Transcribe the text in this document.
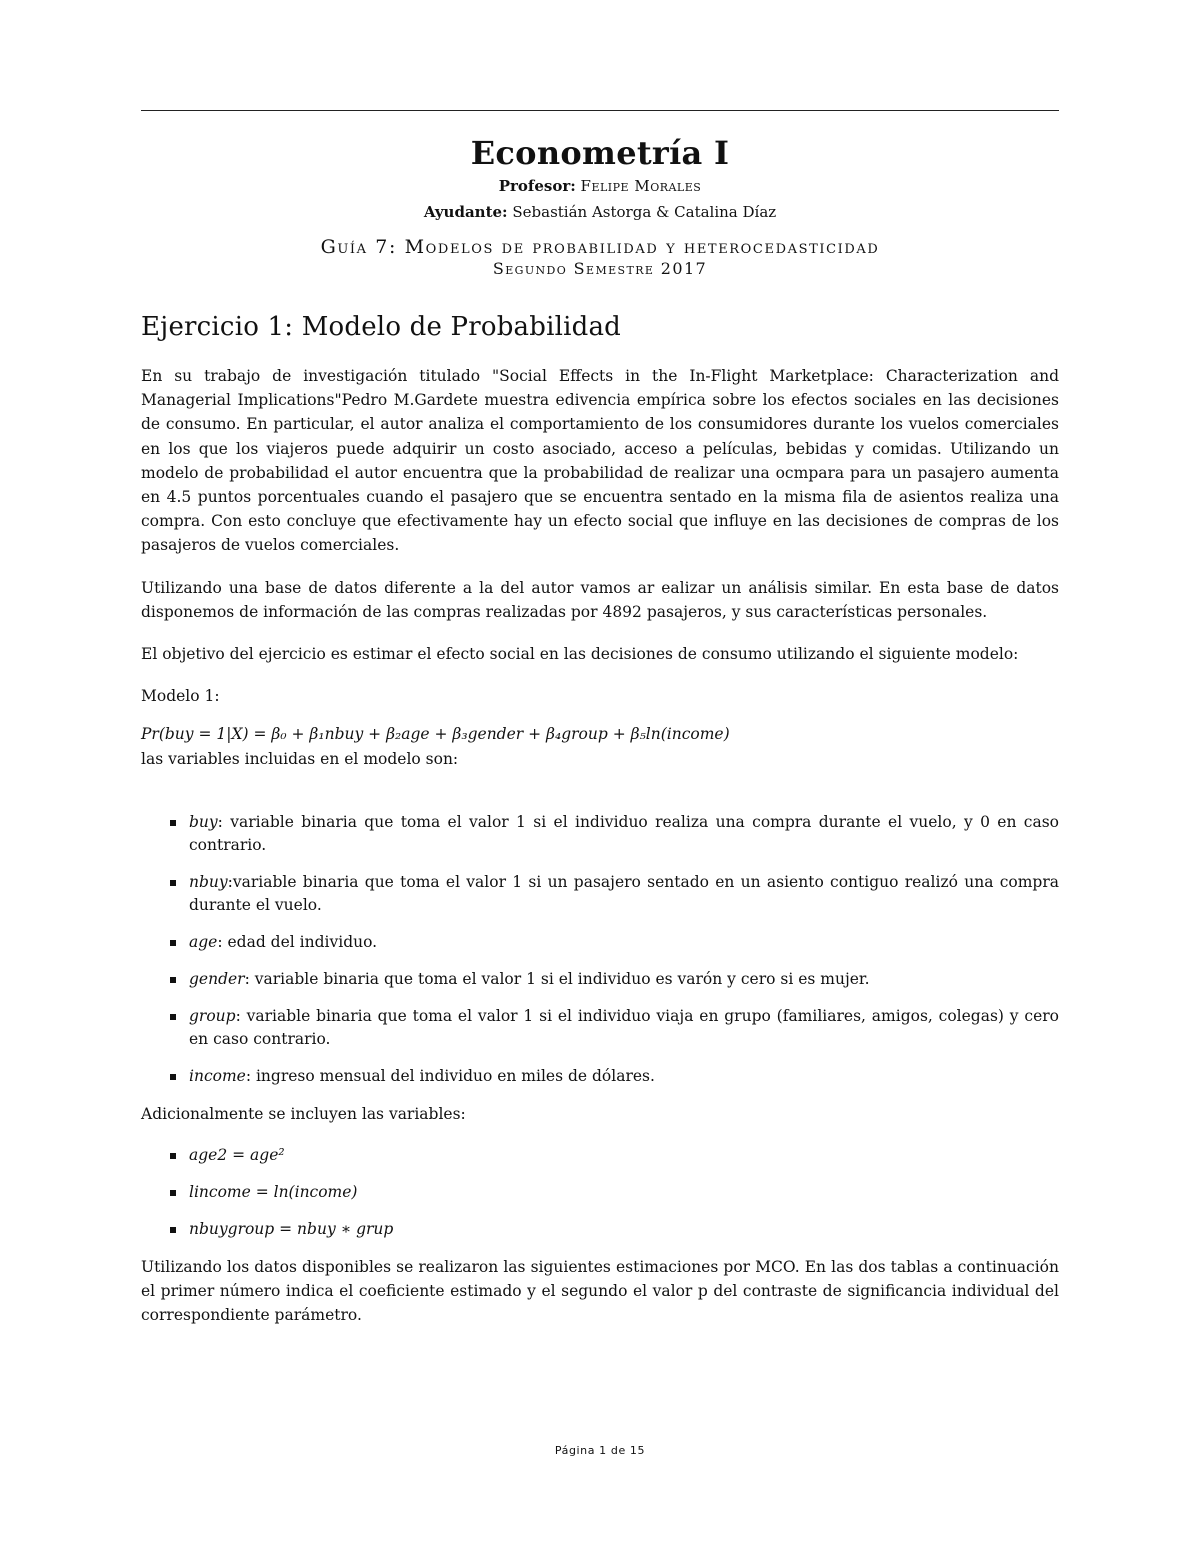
Econometría I
Profesor: Felipe Morales
Ayudante: Sebastián Astorga & Catalina Díaz
Guía 7: Modelos de probabilidad y heterocedasticidad
Segundo Semestre 2017
Ejercicio 1: Modelo de Probabilidad

En su trabajo de investigación titulado "Social Effects in the In-Flight Marketplace: Characterization and Managerial Implications"Pedro M.Gardete muestra edivencia empírica sobre los efectos sociales en las decisiones de consumo. En particular, el autor analiza el comportamiento de los consumidores durante los vuelos comerciales en los que los viajeros puede adquirir un costo asociado, acceso a películas, bebidas y comidas. Utilizando un modelo de probabilidad el autor encuentra que la probabilidad de realizar una ocmpara para un pasajero aumenta en 4.5 puntos porcentuales cuando el pasajero que se encuentra sentado en la misma fila de asientos realiza una compra. Con esto concluye que efectivamente hay un efecto social que influye en las decisiones de compras de los pasajeros de vuelos comerciales.

Utilizando una base de datos diferente a la del autor vamos ar ealizar un análisis similar. En esta base de datos disponemos de información de las compras realizadas por 4892 pasajeros, y sus características personales.

El objetivo del ejercicio es estimar el efecto social en las decisiones de consumo utilizando el siguiente modelo:

Modelo 1:

Pr(buy = 1|X) = β₀ + β₁nbuy + β₂age + β₃gender + β₄group + β₅ln(income)
las variables incluidas en el modelo son:
buy: variable binaria que toma el valor 1 si el individuo realiza una compra durante el vuelo, y 0 en caso contrario.
nbuy:variable binaria que toma el valor 1 si un pasajero sentado en un asiento contiguo realizó una compra durante el vuelo.
age: edad del individuo.
gender: variable binaria que toma el valor 1 si el individuo es varón y cero si es mujer.
group: variable binaria que toma el valor 1 si el individuo viaja en grupo (familiares, amigos, colegas) y cero en caso contrario.
income: ingreso mensual del individuo en miles de dólares.

Adicionalmente se incluyen las variables:

age2 = age²
lincome = ln(income)
nbuygroup = nbuy ∗ grup

Utilizando los datos disponibles se realizaron las siguientes estimaciones por MCO. En las dos tablas a continuación el primer número indica el coeficiente estimado y el segundo el valor p del contraste de significancia individual del correspondiente parámetro.

Página 1 de 15
